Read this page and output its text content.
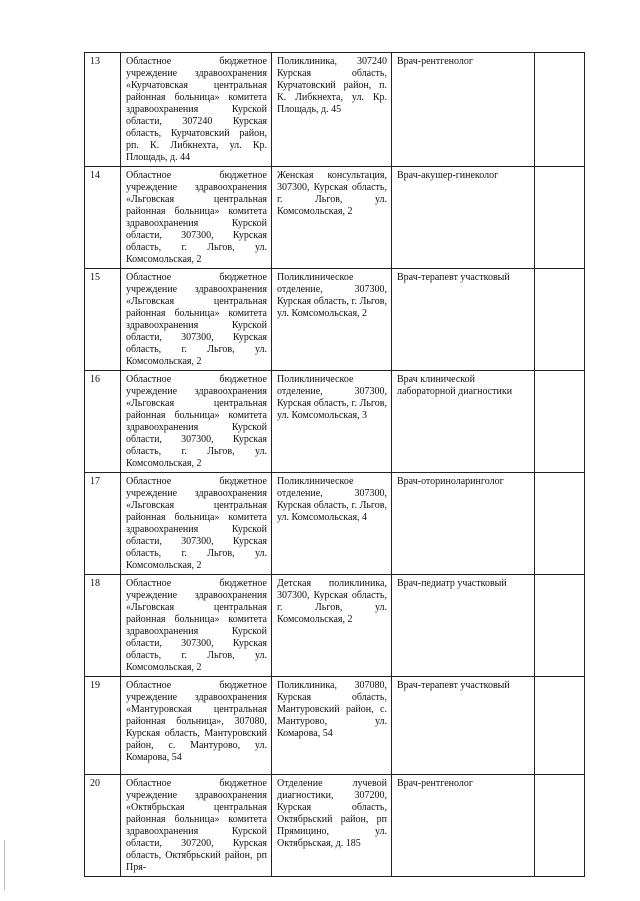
13	Областное бюджетное учреждение здравоохранения «Курчатовская центральная районная больница» комитета здравоохранения Курской области, 307240 Курская область, Курчатовский район, рп. К. Либкнехта, ул. Кр. Площадь, д. 44	Поликлиника, 307240 Курская область, Курчатовский район, п. К. Либкнехта, ул. Кр. Площадь, д. 45	Врач-рентгенолог	
14	Областное бюджетное учреждение здравоохранения «Льговская центральная районная больница» комитета здравоохранения Курской области, 307300, Курская область, г. Льгов, ул. Комсомольская, 2	Женская консультация, 307300, Курская область, г. Льгов, ул. Комсомольская, 2	Врач-акушер-гинеколог	
15	Областное бюджетное учреждение здравоохранения «Льговская центральная районная больница» комитета здравоохранения Курской области, 307300, Курская область, г. Льгов, ул. Комсомольская, 2	Поликлиническое отделение, 307300, Курская область, г. Льгов, ул. Комсомольская, 2	Врач-терапевт участковый	
16	Областное бюджетное учреждение здравоохранения «Льговская центральная районная больница» комитета здравоохранения Курской области, 307300, Курская область, г. Льгов, ул. Комсомольская, 2	Поликлиническое отделение, 307300, Курская область, г. Льгов, ул. Комсомольская, 3	Врач клинической лабораторной диагностики	
17	Областное бюджетное учреждение здравоохранения «Льговская центральная районная больница» комитета здравоохранения Курской области, 307300, Курская область, г. Льгов, ул. Комсомольская, 2	Поликлиническое отделение, 307300, Курская область, г. Льгов, ул. Комсомольская, 4	Врач-оториноларинголог	
18	Областное бюджетное учреждение здравоохранения «Льговская центральная районная больница» комитета здравоохранения Курской области, 307300, Курская область, г. Льгов, ул. Комсомольская, 2	Детская поликлиника, 307300, Курская область, г. Льгов, ул. Комсомольская, 2	Врач-педиатр участковый	
19	Областное бюджетное учреждение здравоохранения «Мантуровская центральная районная больница», 307080, Курская область, Мантуровский район, с. Мантурово, ул. Комарова, 54	Поликлиника, 307080, Курская область, Мантуровский район, с. Мантурово, ул. Комарова, 54	Врач-терапевт участковый	
20	Областное бюджетное учреждение здравоохранения «Октябрьская центральная районная больница» комитета здравоохранения Курской области, 307200, Курская область, Октябрьский район, рп Пря-	Отделение лучевой диагностики, 307200, Курская область, Октябрьский район, рп Прямицино, ул. Октябрьская, д. 185	Врач-рентгенолог	
